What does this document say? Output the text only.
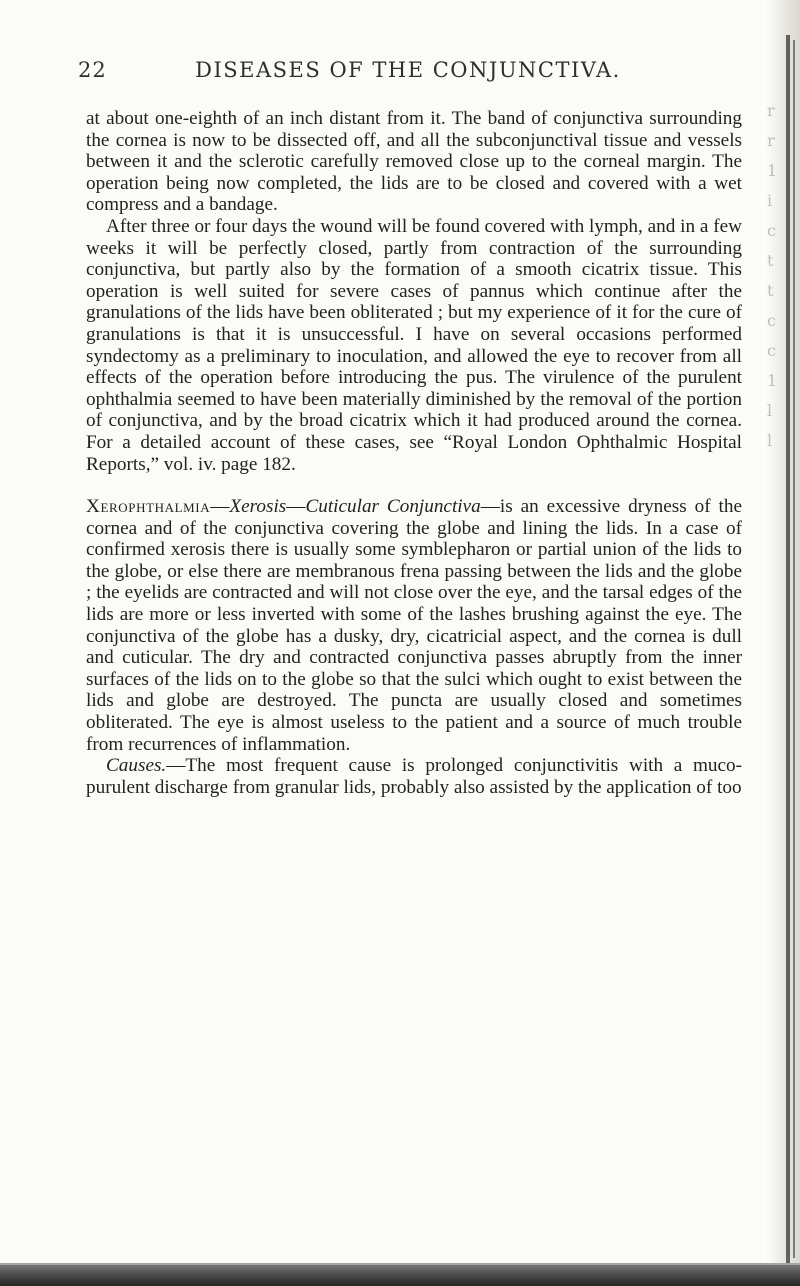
22	DISEASES OF THE CONJUNCTIVA.

at about one-eighth of an inch distant from it. The band of conjunctiva surrounding the cornea is now to be dissected off, and all the subconjunctival tissue and vessels between it and the sclerotic carefully removed close up to the corneal margin. The operation being now completed, the lids are to be closed and covered with a wet compress and a bandage.

After three or four days the wound will be found covered with lymph, and in a few weeks it will be perfectly closed, partly from contraction of the surrounding conjunctiva, but partly also by the formation of a smooth cicatrix tissue. This operation is well suited for severe cases of pannus which continue after the granulations of the lids have been obliterated ; but my experience of it for the cure of granulations is that it is unsuccessful. I have on several occasions performed syndectomy as a preliminary to inoculation, and allowed the eye to recover from all effects of the operation before introducing the pus. The virulence of the purulent ophthalmia seemed to have been materially diminished by the removal of the portion of conjunctiva, and by the broad cicatrix which it had produced around the cornea. For a detailed account of these cases, see “Royal London Ophthalmic Hospital Reports,” vol. iv. page 182.

Xerophthalmia—Xerosis—Cuticular Conjunctiva—is an excessive dryness of the cornea and of the conjunctiva covering the globe and lining the lids. In a case of confirmed xerosis there is usually some symblepharon or partial union of the lids to the globe, or else there are membranous frena passing between the lids and the globe ; the eyelids are contracted and will not close over the eye, and the tarsal edges of the lids are more or less inverted with some of the lashes brushing against the eye. The conjunctiva of the globe has a dusky, dry, cicatricial aspect, and the cornea is dull and cuticular. The dry and contracted conjunctiva passes abruptly from the inner surfaces of the lids on to the globe so that the sulci which ought to exist between the lids and globe are destroyed. The puncta are usually closed and sometimes obliterated. The eye is almost useless to the patient and a source of much trouble from recurrences of inflammation.

Causes.—The most frequent cause is prolonged conjunctivitis with a muco-purulent discharge from granular lids, probably also assisted by the application of too

r
r
1
i
c
t
t
c
c
1
l
l
